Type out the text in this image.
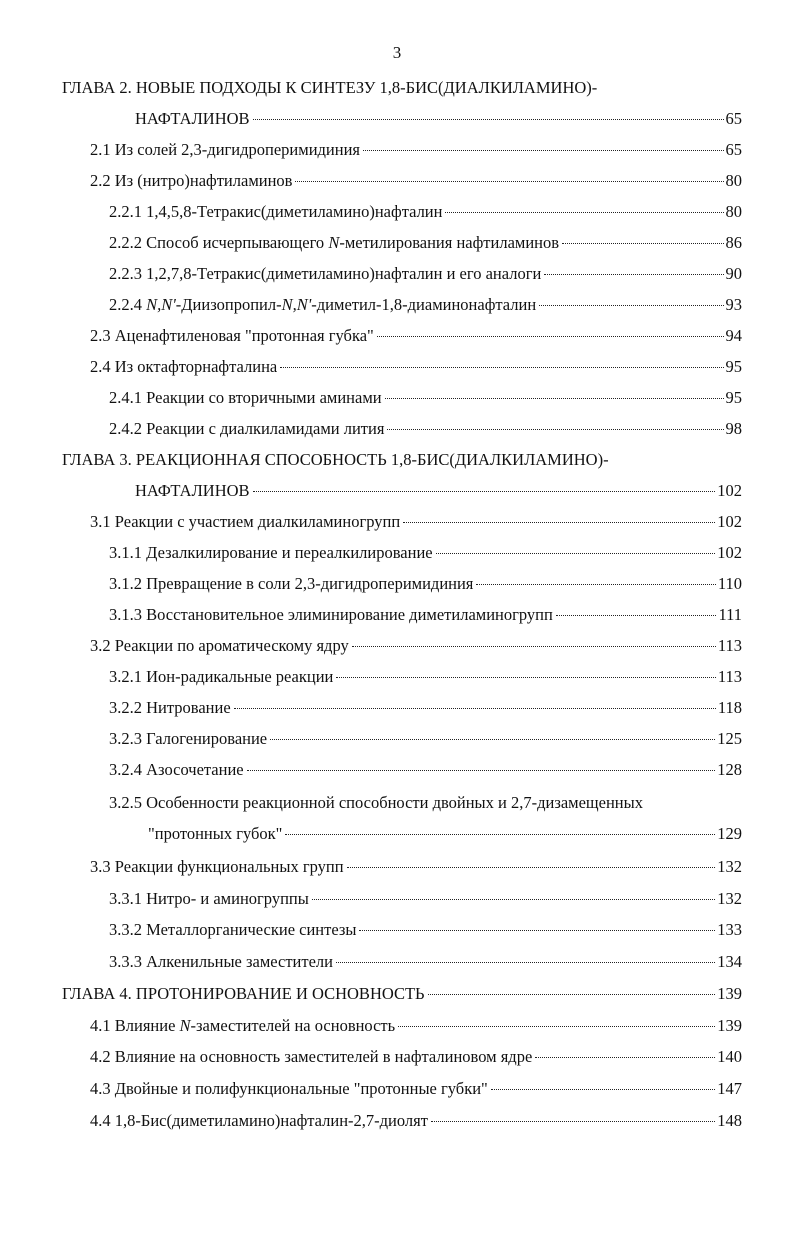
3
ГЛАВА 2. НОВЫЕ ПОДХОДЫ К СИНТЕЗУ 1,8-БИС(ДИАЛКИЛАМИНО)-
НАФТАЛИНОВ	65
2.1 Из солей 2,3-дигидроперимидиния	65
2.2 Из (нитро)нафтиламинов	80
2.2.1 1,4,5,8-Тетракис(диметиламино)нафталин	80
2.2.2 Способ исчерпывающего N-метилирования нафтиламинов	86
2.2.3 1,2,7,8-Тетракис(диметиламино)нафталин и его аналоги	90
2.2.4 N,N'-Диизопропил-N,N'-диметил-1,8-диаминонафталин	93
2.3 Аценафтиленовая "протонная губка"	94
2.4 Из октафторнафталина	95
2.4.1 Реакции со вторичными аминами	95
2.4.2 Реакции с диалкиламидами лития	98
ГЛАВА 3. РЕАКЦИОННАЯ СПОСОБНОСТЬ 1,8-БИС(ДИАЛКИЛАМИНО)-
НАФТАЛИНОВ	102
3.1 Реакции с участием диалкиламиногрупп	102
3.1.1 Дезалкилирование и переалкилирование	102
3.1.2 Превращение в соли 2,3-дигидроперимидиния	110
3.1.3 Восстановительное элиминирование диметиламиногрупп	111
3.2 Реакции по ароматическому ядру	113
3.2.1 Ион-радикальные реакции	113
3.2.2 Нитрование	118
3.2.3 Галогенирование	125
3.2.4 Азосочетание	128
3.2.5 Особенности реакционной способности двойных и 2,7-дизамещенных
"протонных губок"	129
3.3 Реакции функциональных групп	132
3.3.1 Нитро- и аминогруппы	132
3.3.2 Металлорганические синтезы	133
3.3.3 Алкенильные заместители	134
ГЛАВА 4. ПРОТОНИРОВАНИЕ И ОСНОВНОСТЬ	139
4.1 Влияние N-заместителей на основность	139
4.2 Влияние на основность заместителей в нафталиновом ядре	140
4.3 Двойные и полифункциональные "протонные губки"	147
4.4 1,8-Бис(диметиламино)нафталин-2,7-диолят	148
